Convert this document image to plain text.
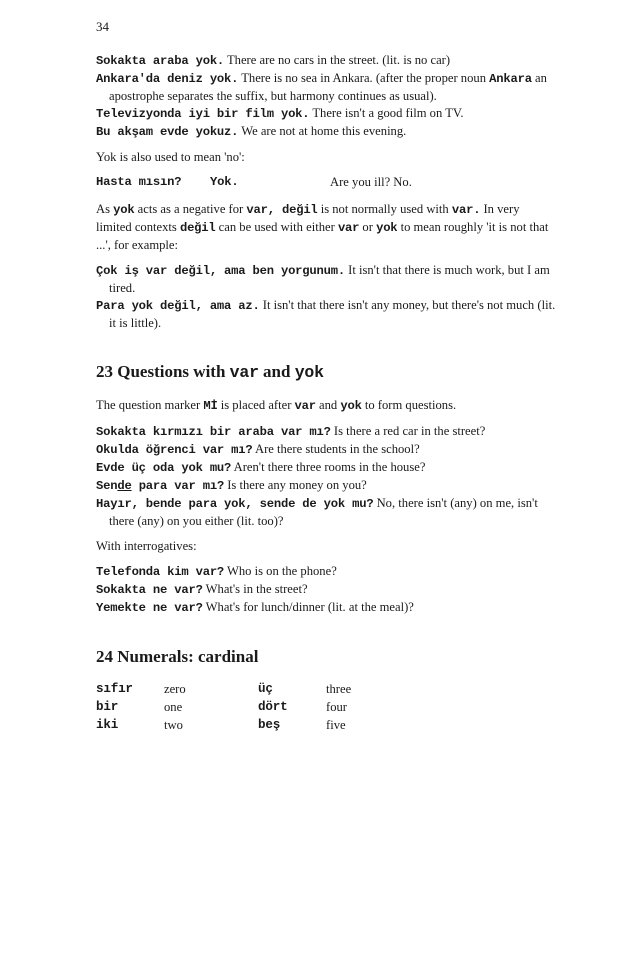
34

Sokakta araba yok. There are no cars in the street. (lit. is no car)

Ankara'da deniz yok. There is no sea in Ankara. (after the proper noun Ankara an apostrophe separates the suffix, but harmony continues as usual).

Televizyonda iyi bir film yok. There isn't a good film on TV.

Bu akşam evde yokuz. We are not at home this evening.

Yok is also used to mean 'no':

Hasta mısın?	Yok.	Are you ill? No.

As yok acts as a negative for var, değil is not normally used with var. In very limited contexts değil can be used with either var or yok to mean roughly 'it is not that ...', for example:

Çok iş var değil, ama ben yorgunum. It isn't that there is much work, but I am tired.

Para yok değil, ama az. It isn't that there isn't any money, but there's not much (lit. it is little).

23 Questions with var and yok

The question marker Mİ is placed after var and yok to form questions.

Sokakta kırmızı bir araba var mı? Is there a red car in the street?

Okulda öğrenci var mı? Are there students in the school?

Evde üç oda yok mu? Aren't there three rooms in the house?

Sende para var mı? Is there any money on you?

Hayır, bende para yok, sende de yok mu? No, there isn't (any) on me, isn't there (any) on you either (lit. too)?

With interrogatives:

Telefonda kim var? Who is on the phone?

Sokakta ne var? What's in the street?

Yemekte ne var? What's for lunch/dinner (lit. at the meal)?

24 Numerals: cardinal
sıfır	zero	üç	three
bir	one	dört	four
iki	two	beş	five
